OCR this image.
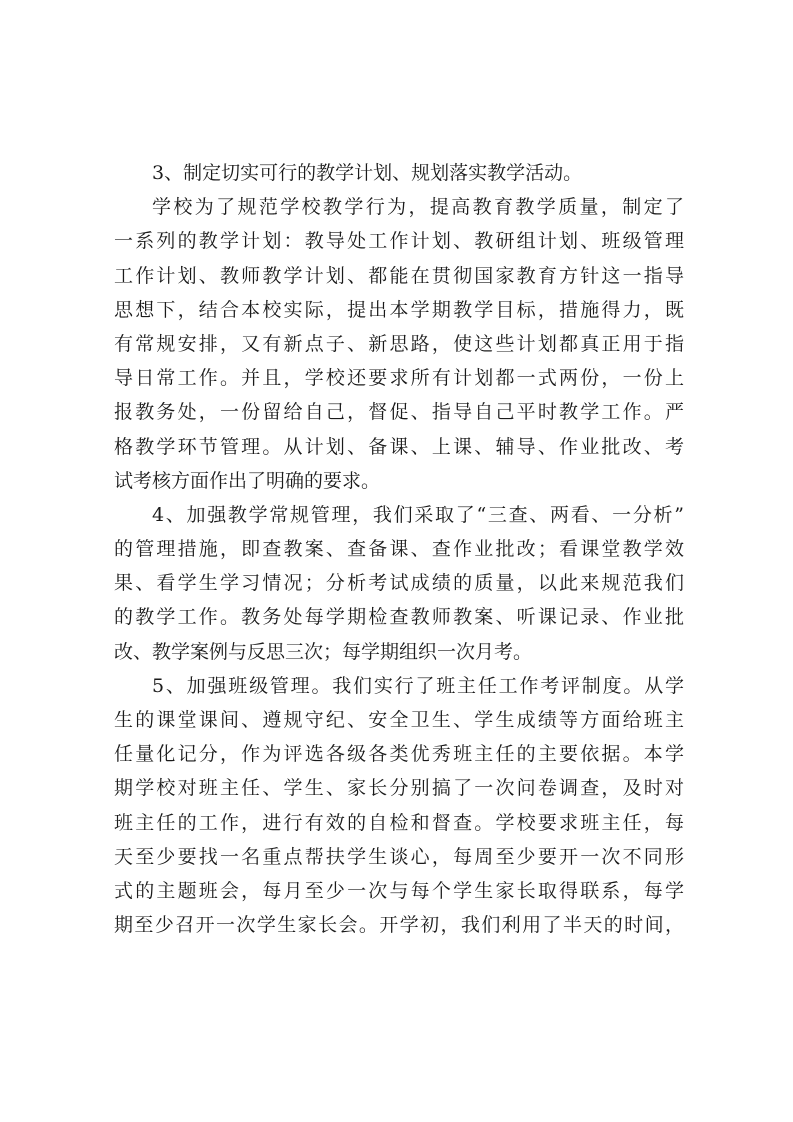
3、制定切实可行的教学计划、规划落实教学活动。
学校为了规范学校教学行为，提高教育教学质量，制定了
一系列的教学计划：教导处工作计划、教研组计划、班级管理
工作计划、教师教学计划、都能在贯彻国家教育方针这一指导
思想下，结合本校实际，提出本学期教学目标，措施得力，既
有常规安排，又有新点子、新思路，使这些计划都真正用于指
导日常工作。并且，学校还要求所有计划都一式两份，一份上
报教务处，一份留给自己，督促、指导自己平时教学工作。严
格教学环节管理。从计划、备课、上课、辅导、作业批改、考
试考核方面作出了明确的要求。
4、加强教学常规管理，我们采取了“三查、两看、一分析”
的管理措施，即查教案、查备课、查作业批改；看课堂教学效
果、看学生学习情况；分析考试成绩的质量，以此来规范我们
的教学工作。教务处每学期检查教师教案、听课记录、作业批
改、教学案例与反思三次；每学期组织一次月考。
5、加强班级管理。我们实行了班主任工作考评制度。从学
生的课堂课间、遵规守纪、安全卫生、学生成绩等方面给班主
任量化记分，作为评选各级各类优秀班主任的主要依据。本学
期学校对班主任、学生、家长分别搞了一次问卷调查，及时对
班主任的工作，进行有效的自检和督查。学校要求班主任，每
天至少要找一名重点帮扶学生谈心，每周至少要开一次不同形
式的主题班会，每月至少一次与每个学生家长取得联系，每学
期至少召开一次学生家长会。开学初，我们利用了半天的时间，
